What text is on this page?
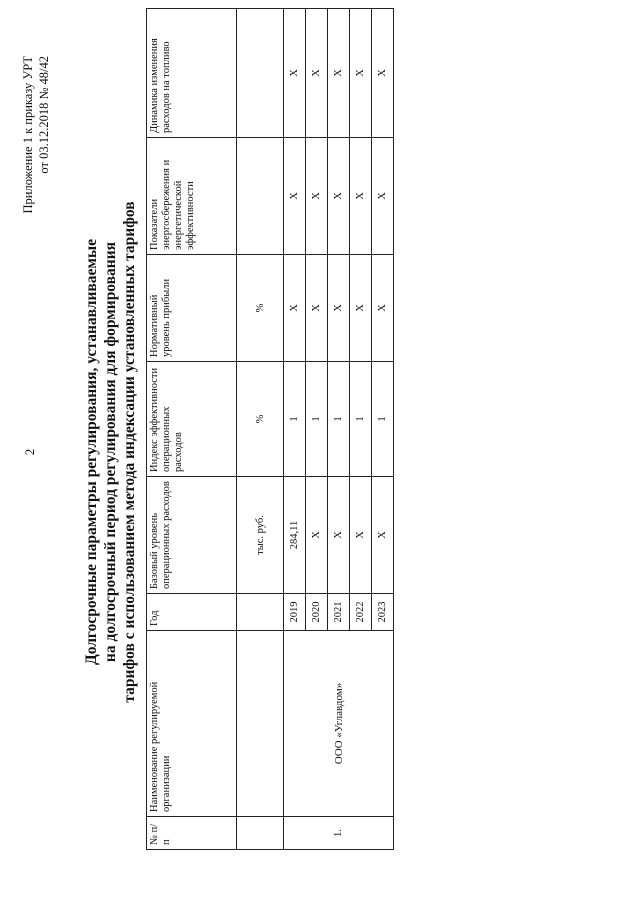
2
Приложение 1 к приказу УРТ от 03.12.2018 № 48/42
Долгосрочные параметры регулирования, устанавливаемые на долгосрочный период регулирования для формирования тарифов с использованием метода индексации установленных тарифов
№ п/п	Наименование регулируемой организации	Год	Базовый уровень операционных расходов	Индекс эффективности операционных расходов	Нормативный уровень прибыли	Показатели энергосбережения и энергетической эффективности	Динамика изменения расходов на топливо
			тыс. руб.	%	%		
1.	ООО «Углавдом»	2019	284,11	1	X	X	X
		2020	X	1	X	X	X
		2021	X	1	X	X	X
		2022	X	1	X	X	X
		2023	X	1	X	X	X
